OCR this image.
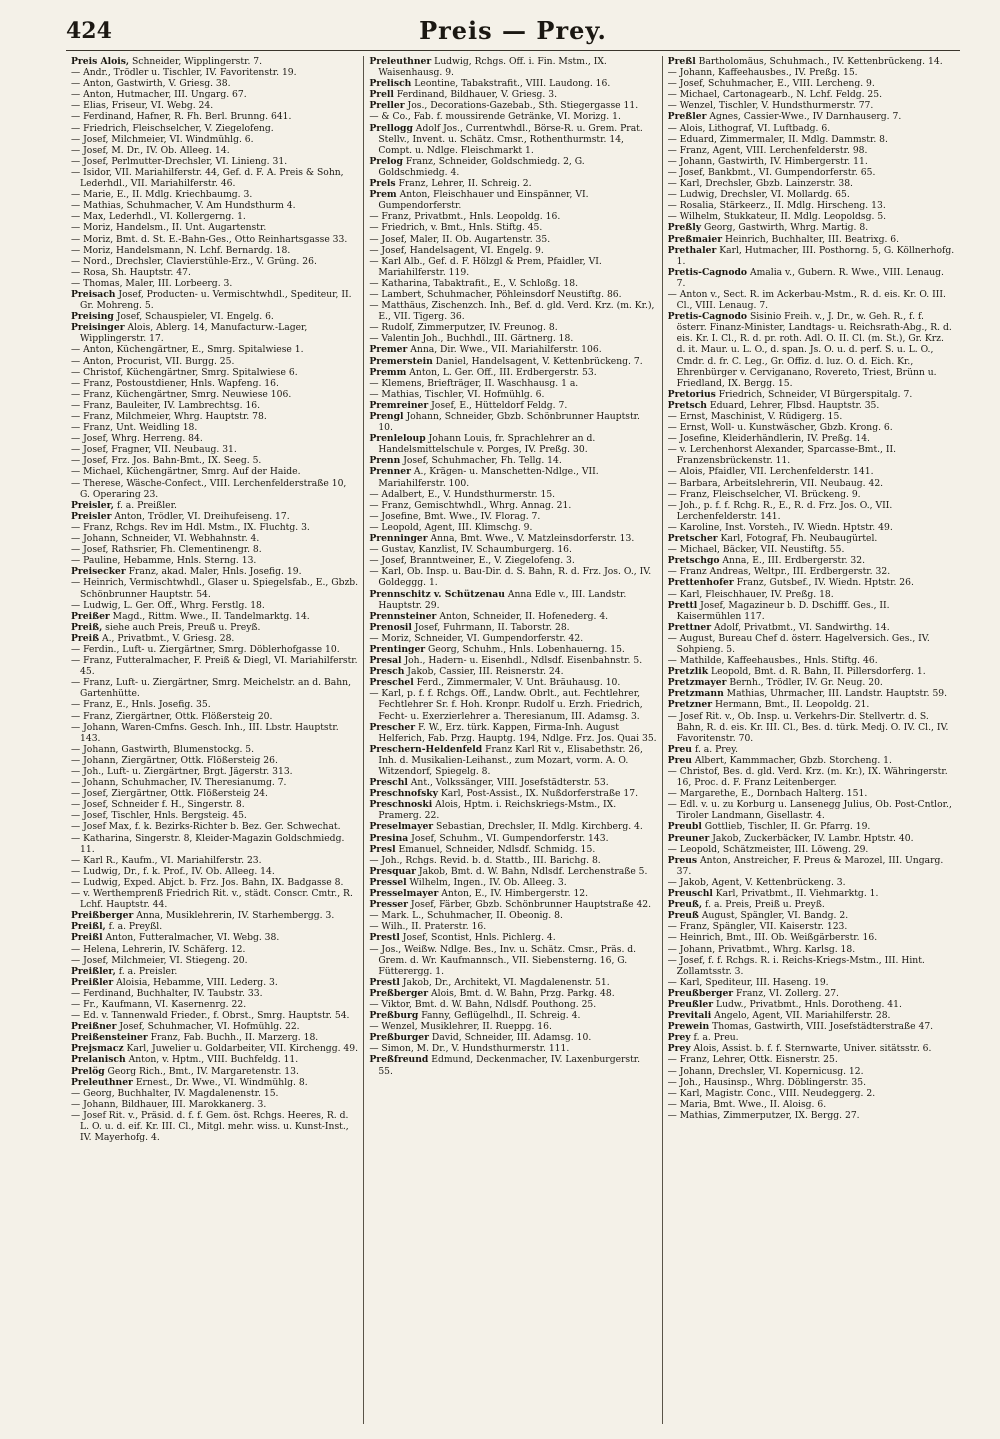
424	Preis — Prey.

Preis Alois, Schneider, Wipplingerstr. 7.

— Andr., Trödler u. Tischler, IV. Favoritenstr. 19.

— Anton, Gastwirth, V. Griesg. 38.

— Anton, Hutmacher, III. Ungarg. 67.

— Elias, Friseur, VI. Webg. 24.

— Ferdinand, Hafner, R. Fh. Berl. Brunng. 641.

— Friedrich, Fleischselcher, V. Ziegelofeng.

— Josef, Milchmeier, VI. Windmühlg. 6.

— Josef, M. Dr., IV. Ob. Alleeg. 14.

— Josef, Perlmutter-Drechsler, VI. Linieng. 31.

— Isidor, VII. Mariahilferstr. 44, Gef. d. F. A. Preis & Sohn, Lederhdl., VII. Mariahilferstr. 46.

— Marie, E., II. Mdlg. Kriechbaumg. 3.

— Mathias, Schuhmacher, V. Am Hundsthurm 4.

— Max, Lederhdl., VI. Kollergerng. 1.

— Moriz, Handelsm., II. Unt. Augartenstr.

— Moriz, Bmt. d. St. E.-Bahn-Ges., Otto Reinhartsgasse 33.

— Moriz, Handelsmann, N. Lchf. Bernardg. 18.

— Nord., Drechsler, Clavierstühle-Erz., V. Grüng. 26.

— Rosa, Sh. Hauptstr. 47.

— Thomas, Maler, III. Lorbeerg. 3.

Preisach Josef, Producten- u. Vermischtwhdl., Spediteur, II. Gr. Mohreng. 5.

Preising Josef, Schauspieler, VI. Engelg. 6.

Preisinger Alois, Ablerg. 14, Manufacturw.-Lager, Wipplingerstr. 17.

— Anton, Küchengärtner, E., Smrg. Spitalwiese 1.

— Anton, Procurist, VII. Burgg. 25.

— Christof, Küchengärtner, Smrg. Spitalwiese 6.

— Franz, Postoustdiener, Hnls. Wapfeng. 16.

— Franz, Küchengärtner, Smrg. Neuwiese 106.

— Franz, Bauleiter, IV. Lambrechtsg. 16.

— Franz, Milchmeier, Whrg. Hauptstr. 78.

— Franz, Unt. Weidling 18.

— Josef, Whrg. Herreng. 84.

— Josef, Fragner, VII. Neubaug. 31.

— Josef, Frz. Jos. Bahn-Bmt., IX. Seeg. 5.

— Michael, Küchengärtner, Smrg. Auf der Haide.

— Therese, Wäsche-Confect., VIII. Lerchenfelderstraße 10, G. Operaring 23.

Preisler, f. a. Preißler.

Preisler Anton, Trödler, VI. Dreihufeiseng. 17.

— Franz, Rchgs. Rev im Hdl. Mstm., IX. Fluchtg. 3.

— Johann, Schneider, VI. Webhahnstr. 4.

— Josef, Rathsrier, Fh. Clementinengr. 8.

— Pauline, Hebamme, Hnls. Sterng. 13.

Preisecker Franz, akad. Maler, Hnls. Josefig. 19.

— Heinrich, Vermischtwhdl., Glaser u. Spiegelsfab., E., Gbzb. Schönbrunner Hauptstr. 54.

— Ludwig, L. Ger. Off., Whrg. Ferstlg. 18.

Preißer Magd., Rittm. Wwe., II. Tandelmarktg. 14.

Preiß, siehe auch Preis, Preuß u. Preyß.

Preiß A., Privatbmt., V. Griesg. 28.

— Ferdin., Luft- u. Ziergärtner, Smrg. Döblerhofgasse 10.

— Franz, Futteralmacher, F. Preiß & Diegl, VI. Mariahilferstr. 45.

— Franz, Luft- u. Ziergärtner, Smrg. Meichelstr. an d. Bahn, Gartenhütte.

— Franz, E., Hnls. Josefig. 35.

— Franz, Ziergärtner, Ottk. Flößersteig 20.

— Johann, Waren-Cmfns. Gesch. Inh., III. Lbstr. Hauptstr. 143.

— Johann, Gastwirth, Blumenstockg. 5.

— Johann, Ziergärtner, Ottk. Flößersteig 26.

— Joh., Luft- u. Ziergärtner, Brgt. Jägerstr. 313.

— Johann, Schuhmacher, IV. Theresianumg. 7.

— Josef, Ziergärtner, Ottk. Flößersteig 24.

— Josef, Schneider f. H., Singerstr. 8.

— Josef, Tischler, Hnls. Bergsteig. 45.

— Josef Max, f. k. Bezirks-Richter b. Bez. Ger. Schwechat.

— Katharina, Singerstr. 8, Kleider-Magazin Goldschmiedg. 11.

— Karl R., Kaufm., VI. Mariahilferstr. 23.

— Ludwig, Dr., f. k. Prof., IV. Ob. Alleeg. 14.

— Ludwig, Exped. Abjct. b. Frz. Jos. Bahn, IX. Badgasse 8.

— v. Werthemprenß Friedrich Rit. v., städt. Conscr. Cmtr., R. Lchf. Hauptstr. 44.

Preißberger Anna, Musiklehrerin, IV. Starhembergg. 3.

Preißl, f. a. Preyßl.

Preißl Anton, Futteralmacher, VI. Webg. 38.

— Helena, Lehrerin, IV. Schäferg. 12.

— Josef, Milchmeier, VI. Stiegeng. 20.

Preißler, f. a. Preisler.

Preißler Aloisia, Hebamme, VIII. Lederg. 3.

— Ferdinand, Buchhalter, IV. Taubstr. 33.

— Fr., Kaufmann, VI. Kasernenrg. 22.

— Ed. v. Tannenwald Frieder., f. Obrst., Smrg. Hauptstr. 54.

Preißner Josef, Schuhmacher, VI. Hofmühlg. 22.

Preißensteiner Franz, Fab. Buchh., II. Marzerg. 18.

Prejsmacz Karl, Juwelier u. Goldarbeiter, VII. Kirchengg. 49.

Prelanisch Anton, v. Hptm., VIII. Buchfeldg. 11.

Prelög Georg Rich., Bmt., IV. Margaretenstr. 13.

Preleuthner Ernest., Dr. Wwe., VI. Windmühlg. 8.

— Georg, Buchhalter, IV. Magdalenenstr. 15.

— Johann, Bildhauer, III. Marokkanerg. 3.

— Josef Rit. v., Präsid. d. f. f. Gem. öst. Rchgs. Heeres, R. d. L. O. u. d. eif. Kr. III. Cl., Mitgl. mehr. wiss. u. Kunst-Inst., IV. Mayerhofg. 4.

Preleuthner Ludwig, Rchgs. Off. i. Fin. Mstm., IX. Waisenhausg. 9.

Prelisch Leontine, Tabakstrafit., VIII. Laudong. 16.

Prell Ferdinand, Bildhauer, V. Griesg. 3.

Preller Jos., Decorations-Gazebab., Sth. Stiegergasse 11.

— & Co., Fab. f. moussirende Getränke, VI. Morizg. 1.

Prellogg Adolf Jos., Currentwhdl., Börse-R. u. Grem. Prat. Stellv., Invent. u. Schätz. Cmsr., Rothenthurmstr. 14, Compt. u. Ndlge. Fleischmarkt 1.

Prelog Franz, Schneider, Goldschmiedg. 2, G. Goldschmiedg. 4.

Prels Franz, Lehrer, II. Schreig. 2.

Prem Anton, Fleischhauer und Einspänner, VI. Gumpendorferstr.

— Franz, Privatbmt., Hnls. Leopoldg. 16.

— Friedrich, v. Bmt., Hnls. Stiftg. 45.

— Josef, Maler, II. Ob. Augartenstr. 35.

— Josef, Handelsagent, VI. Engelg. 9.

— Karl Alb., Gef. d. F. Hölzgl & Prem, Pfaidler, VI. Mariahilferstr. 119.

— Katharina, Tabaktrafit., E., V. Schloßg. 18.

— Lambert, Schuhmacher, Pöhleinsdorf Neustiftg. 86.

— Matthäus, Zischenzch. Inh., Bef. d. gld. Verd. Krz. (m. Kr.), E., VII. Tigerg. 36.

— Rudolf, Zimmerputzer, IV. Freunog. 8.

— Valentin Joh., Buchhdl., III. Gärtnerg. 18.

Premer Anna, Dir. Wwe., VII. Mariahilferstr. 106.

Premerstein Daniel, Handelsagent, V. Kettenbrückeng. 7.

Premm Anton, L. Ger. Off., III. Erdbergerstr. 53.

— Klemens, Briefträger, II. Waschhausg. 1 a.

— Mathias, Tischler, VI. Hofmühlg. 6.

Premreiner Josef, E., Hütteldorf Feldg. 7.

Prengl Johann, Schneider, Gbzb. Schönbrunner Hauptstr. 10.

Prenleloup Johann Louis, fr. Sprachlehrer an d. Handelsmittelschule v. Porges, IV. Preßg. 30.

Prenn Josef, Schuhmacher, Fh. Tellg. 14.

Prenner A., Krägen- u. Manschetten-Ndlge., VII. Mariahilferstr. 100.

— Adalbert, E., V. Hundsthurmerstr. 15.

— Franz, Gemischtwhdl., Whrg. Annag. 21.

— Josefine, Bmt. Wwe., IV. Florag. 7.

— Leopold, Agent, III. Klimschg. 9.

Prenninger Anna, Bmt. Wwe., V. Matzleinsdorferstr. 13.

— Gustav, Kanzlist, IV. Schaumburgerg. 16.

— Josef, Branntweiner, E., V. Ziegelofeng. 3.

— Karl, Ob. Insp. u. Bau-Dir. d. S. Bahn, R. d. Frz. Jos. O., IV. Goldeggg. 1.

Prennschitz v. Schützenau Anna Edle v., III. Landstr. Hauptstr. 29.

Prennsteiner Anton, Schneider, II. Hofenederg. 4.

Prenosil Josef, Fuhrmann, II. Taborstr. 28.

— Moriz, Schneider, VI. Gumpendorferstr. 42.

Prentinger Georg, Schuhm., Hnls. Lobenhauerng. 15.

Presal Joh., Hadern- u. Eisenhdl., Ndlsdf. Eisenbahnstr. 5.

Presch Jakob, Cassier, III. Reisnerstr. 24.

Preschel Ferd., Zimmermaler, V. Unt. Bräuhausg. 10.

— Karl, p. f. f. Rchgs. Off., Landw. Obrlt., aut. Fechtlehrer, Fechtlehrer Sr. f. Hoh. Kronpr. Rudolf u. Erzh. Friedrich, Fecht- u. Exerzierlehrer a. Theresianum, III. Adamsg. 3.

Prescher F. W., Erz. türk. Kappen, Firma-Inh. August Helferich, Fab. Przg. Hauptg. 194, Ndlge. Frz. Jos. Quai 35.

Preschern-Heldenfeld Franz Karl Rit v., Elisabethstr. 26, Inh. d. Musikalien-Leihanst., zum Mozart, vorm. A. O. Witzendorf, Spiegelg. 8.

Preschl Ant., Volkssänger, VIII. Josefstädterstr. 53.

Preschnofsky Karl, Post-Assist., IX. Nußdorferstraße 17.

Preschnoski Alois, Hptm. i. Reichskriegs-Mstm., IX. Pramerg. 22.

Preselmayer Sebastian, Drechsler, II. Mdlg. Kirchberg. 4.

Presina Josef, Schuhm., VI. Gumpendorferstr. 143.

Presl Emanuel, Schneider, Ndlsdf. Schmidg. 15.

— Joh., Rchgs. Revid. b. d. Stattb., III. Barichg. 8.

Presquar Jakob, Bmt. d. W. Bahn, Ndlsdf. Lerchenstraße 5.

Pressel Wilhelm, Ingen., IV. Ob. Alleeg. 3.

Presselmayer Anton, E., IV. Himbergerstr. 12.

Presser Josef, Färber, Gbzb. Schönbrunner Hauptstraße 42.

— Mark. L., Schuhmacher, II. Obeonig. 8.

— Wilh., II. Praterstr. 16.

Prestl Josef, Scontist, Hnls. Pichlerg. 4.

— Jos., Weißw. Ndlge. Bes., Inv. u. Schätz. Cmsr., Präs. d. Grem. d. Wr. Kaufmannsch., VII. Siebensterng. 16, G. Fütterergg. 1.

Prestl Jakob, Dr., Architekt, VI. Magdalenenstr. 51.

Preßberger Alois, Bmt. d. W. Bahn, Przg. Parkg. 48.

— Viktor, Bmt. d. W. Bahn, Ndlsdf. Pouthong. 25.

Preßburg Fanny, Geflügelhdl., II. Schreig. 4.

— Wenzel, Musiklehrer, II. Rueppg. 16.

Preßburger David, Schneider, III. Adamsg. 10.

— Simon, M. Dr., V. Hundsthurmerstr. 111.

Preßfreund Edmund, Deckenmacher, IV. Laxenburgerstr. 55.

Preßl Bartholomäus, Schuhmach., IV. Kettenbrückeng. 14.

— Johann, Kaffeehausbes., IV. Preßg. 15.

— Josef, Schuhmacher, E., VIII. Lercheng. 9.

— Michael, Cartonagearb., N. Lchf. Feldg. 25.

— Wenzel, Tischler, V. Hundsthurmerstr. 77.

Preßler Agnes, Cassier-Wwe., IV Darnhauserg. 7.

— Alois, Lithograf, VI. Luftbadg. 6.

— Eduard, Zimmermaler, II. Mdlg. Dammstr. 8.

— Franz, Agent, VIII. Lerchenfelderstr. 98.

— Johann, Gastwirth, IV. Himbergerstr. 11.

— Josef, Bankbmt., VI. Gumpendorferstr. 65.

— Karl, Drechsler, Gbzb. Lainzerstr. 38.

— Ludwig, Drechsler, VI. Mollardg. 65.

— Rosalia, Stärkeerz., II. Mdlg. Hirscheng. 13.

— Wilhelm, Stukkateur, II. Mdlg. Leopoldsg. 5.

Preßly Georg, Gastwirth, Whrg. Martig. 8.

Preßmaier Heinrich, Buchhalter, III. Beatrixg. 6.

Prethaler Karl, Hutmacher, III. Posthorng. 5, G. Köllnerhofg. 1.

Pretis-Cagnodo Amalia v., Gubern. R. Wwe., VIII. Lenaug. 7.

— Anton v., Sect. R. im Ackerbau-Mstm., R. d. eis. Kr. O. III. Cl., VIII. Lenaug. 7.

Pretis-Cagnodo Sisinio Freih. v., J. Dr., w. Geh. R., f. f. österr. Finanz-Minister, Landtags- u. Reichsrath-Abg., R. d. eis. Kr. I. Cl., R. d. pr. roth. Adl. O. II. Cl. (m. St.), Gr. Krz. d. it. Maur. u. L. O., d. span. Js. O. u. d. perf. S. u. L. O., Cmdr. d. fr. C. Leg., Gr. Offiz. d. luz. O. d. Eich. Kr., Ehrenbürger v. Cerviganano, Rovereto, Triest, Brünn u. Friedland, IX. Bergg. 15.

Pretorius Friedrich, Schneider, VI Bürgerspitalg. 7.

Pretsch Eduard, Lehrer, Flbsd. Hauptstr. 35.

— Ernst, Maschinist, V. Rüdigerg. 15.

— Ernst, Woll- u. Kunstwäscher, Gbzb. Krong. 6.

— Josefine, Kleiderhändlerin, IV. Preßg. 14.

— v. Lerchenhorst Alexander, Sparcasse-Bmt., II. Franzensbrückenstr. 11.

— Alois, Pfaidler, VII. Lerchenfelderstr. 141.

— Barbara, Arbeitslehrerin, VII. Neubaug. 42.

— Franz, Fleischselcher, VI. Brückeng. 9.

— Joh., p. f. f. Rchg. R., E., R. d. Frz. Jos. O., VII. Lerchenfelderstr. 141.

— Karoline, Inst. Vorsteh., IV. Wiedn. Hptstr. 49.

Pretscher Karl, Fotograf, Fh. Neubaugürtel.

— Michael, Bäcker, VII. Neustiftg. 55.

Pretschgo Anna, E., III. Erdbergerstr. 32.

— Franz Andreas, Weltpr., III. Erdbergerstr. 32.

Prettenhofer Franz, Gutsbef., IV. Wiedn. Hptstr. 26.

— Karl, Fleischhauer, IV. Preßg. 18.

Prettl Josef, Magazineur b. D. Dschifff. Ges., II. Kaisermühlen 117.

Prettner Adolf, Privatbmt., VI. Sandwirthg. 14.

— August, Bureau Chef d. österr. Hagelversich. Ges., IV. Sohpieng. 5.

— Mathilde, Kaffeehausbes., Hnls. Stiftg. 46.

Pretzlik Leopold, Bmt. d. R. Bahn, II. Pillersdorferg. 1.

Pretzmayer Bernh., Trödler, IV. Gr. Neug. 20.

Pretzmann Mathias, Uhrmacher, III. Landstr. Hauptstr. 59.

Pretzner Hermann, Bmt., II. Leopoldg. 21.

— Josef Rit. v., Ob. Insp. u. Verkehrs-Dir. Stellvertr. d. S. Bahn, R. d. eis. Kr. III. Cl., Bes. d. türk. Medj. O. IV. Cl., IV. Favoritenstr. 70.

Preu f. a. Prey.

Preu Albert, Kammmacher, Gbzb. Storcheng. 1.

— Christof, Bes. d. gld. Verd. Krz. (m. Kr.), IX. Währingerstr. 16, Proc. d. F. Franz Leitenberger.

— Margarethe, E., Dornbach Halterg. 151.

— Edl. v. u. zu Korburg u. Lansenegg Julius, Ob. Post-Cntlor., Tiroler Landmann, Gisellastr. 4.

Preubl Gottlieb, Tischler, II. Gr. Pfarrg. 19.

Preuner Jakob, Zuckerbäcker, IV. Lambr. Hptstr. 40.

— Leopold, Schätzmeister, III. Löweng. 29.

Preus Anton, Anstreicher, F. Preus & Marozel, III. Ungarg. 37.

— Jakob, Agent, V. Kettenbrückeng. 3.

Preuschl Karl, Privatbmt., II. Viehmarktg. 1.

Preuß, f. a. Preis, Preiß u. Preyß.

Preuß August, Spängler, VI. Bandg. 2.

— Franz, Spängler, VII. Kaiserstr. 123.

— Heinrich, Bmt., III. Ob. Weißgärberstr. 16.

— Johann, Privatbmt., Whrg. Karlsg. 18.

— Josef, f. f. Rchgs. R. i. Reichs-Kriegs-Mstm., III. Hint. Zollamtsstr. 3.

— Karl, Spediteur, III. Haseng. 19.

Preußberger Franz, VI. Zollerg. 27.

Preußler Ludw., Privatbmt., Hnls. Dorotheng. 41.

Previtali Angelo, Agent, VII. Mariahilferstr. 28.

Prewein Thomas, Gastwirth, VIII. Josefstädterstraße 47.

Prey f. a. Preu.

Prey Alois, Assist. b. f. f. Sternwarte, Univer. sitätsstr. 6.

— Franz, Lehrer, Ottk. Eisnerstr. 25.

— Johann, Drechsler, VI. Kopernicusg. 12.

— Joh., Hausinsp., Whrg. Döblingerstr. 35.

— Karl, Magistr. Conc., VIII. Neudeggerg. 2.

— Maria, Bmt. Wwe., II. Aloisg. 6.

— Mathias, Zimmerputzer, IX. Bergg. 27.
